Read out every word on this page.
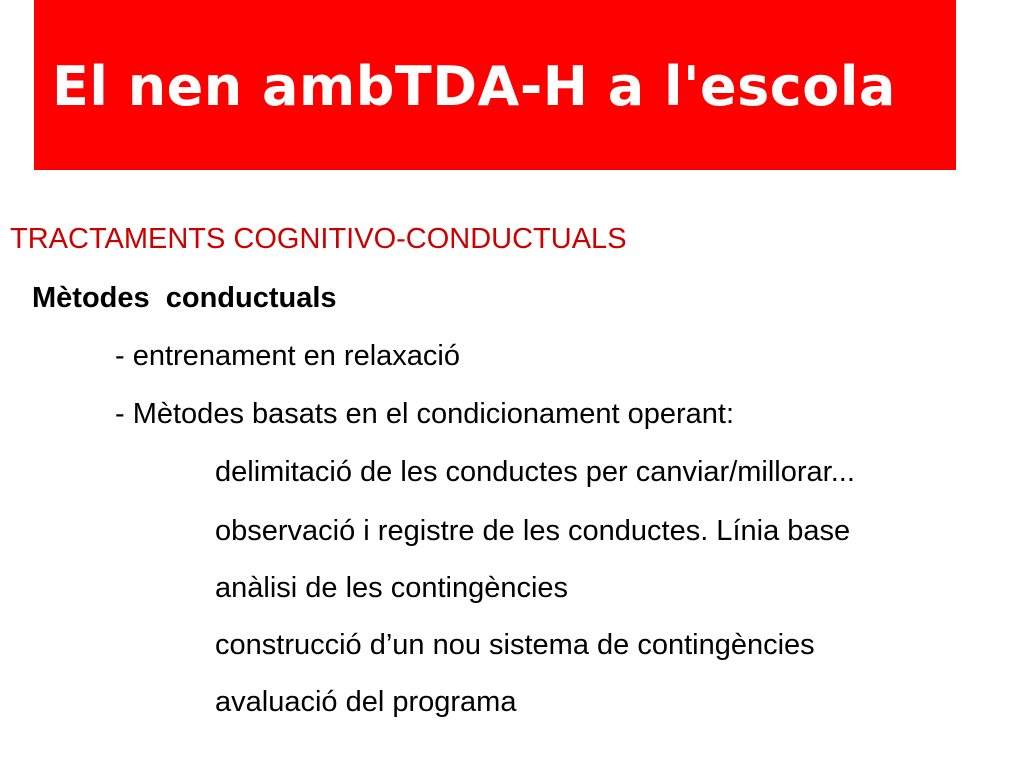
El nen ambTDA-H a l'escola

TRACTAMENTS COGNITIVO-CONDUCTUALS

Mètodes  conductuals

- entrenament en relaxació

- Mètodes basats en el condicionament operant:

delimitació de les conductes per canviar/millorar...

observació i registre de les conductes. Línia base

anàlisi de les contingències

construcció d’un nou sistema de contingències

avaluació del programa
